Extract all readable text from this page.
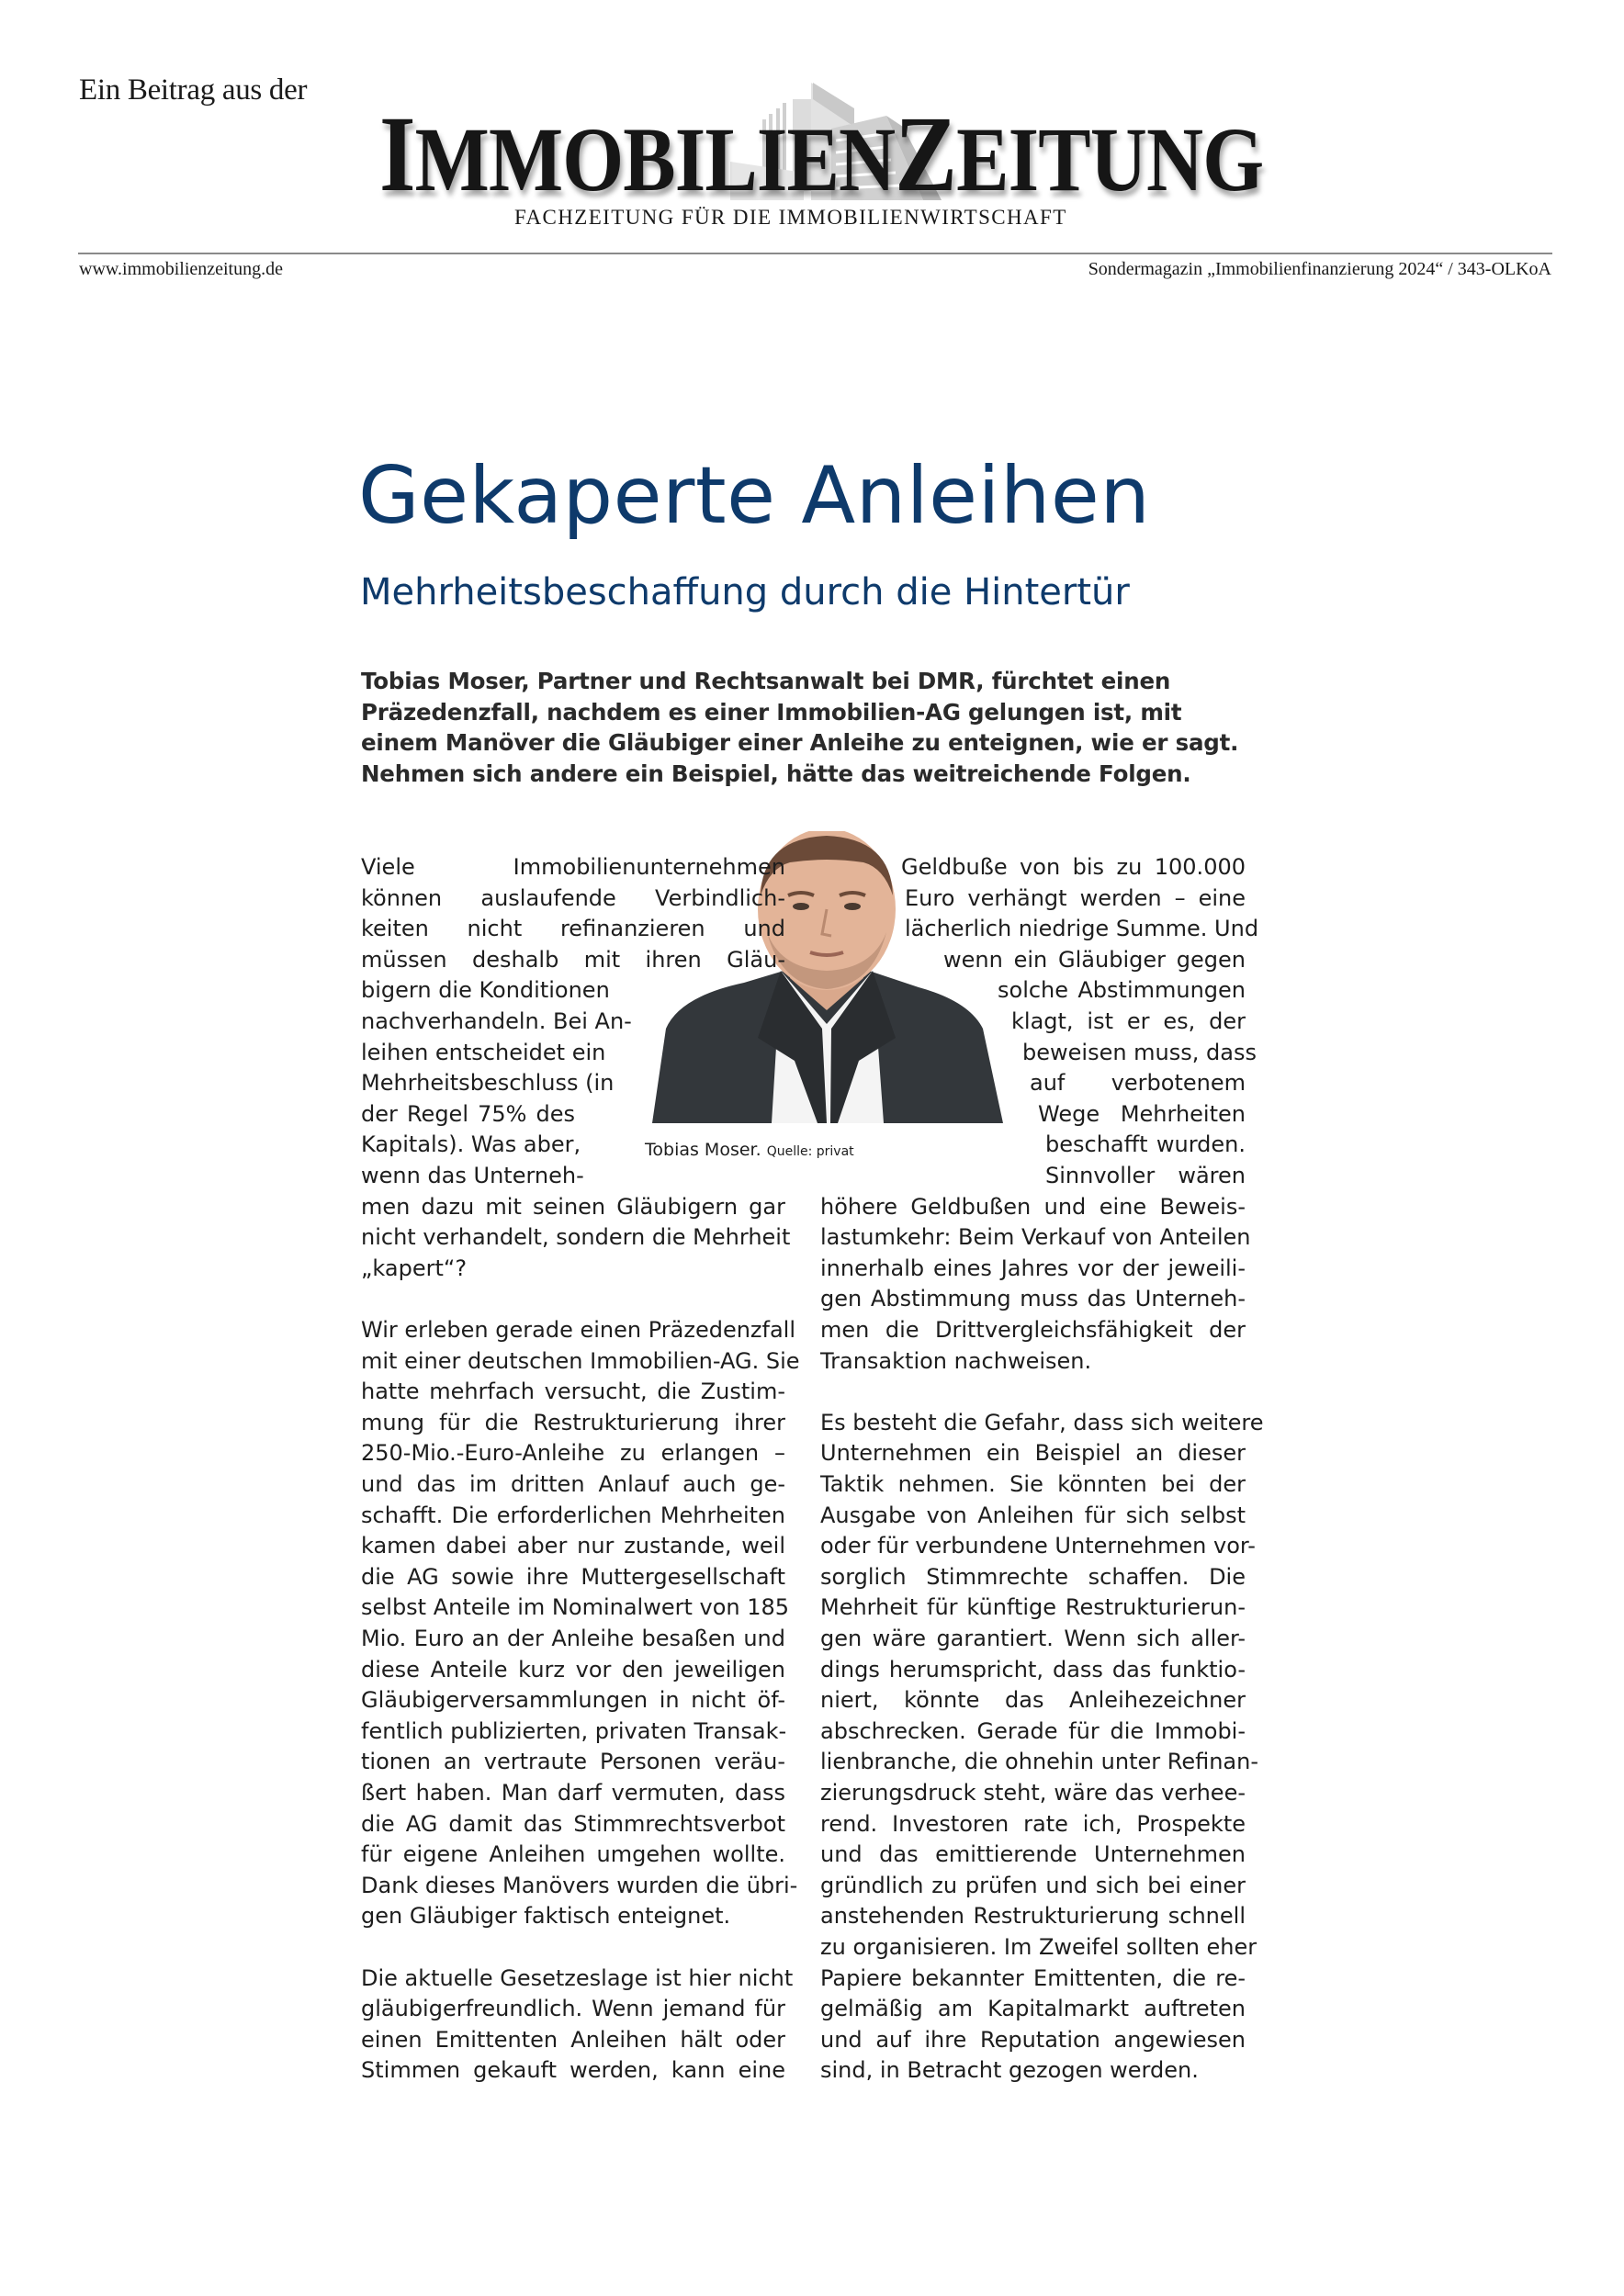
Ein Beitrag aus der
IMMOBILIENZEITUNG
FACHZEITUNG FÜR DIE IMMOBILIENWIRTSCHAFT
www.immobilienzeitung.de	Sondermagazin „Immobilienfinanzierung 2024“ / 343-OLKoA
Gekaperte Anleihen
Mehrheitsbeschaffung durch die Hintertür
Tobias Moser, Partner und Rechtsanwalt bei DMR, fürchtet einen
Präzedenzfall, nachdem es einer Immobilien-AG gelungen ist, mit
einem Manöver die Gläubiger einer Anleihe zu enteignen, wie er sagt.
Nehmen sich andere ein Beispiel, hätte das weitreichende Folgen.
Tobias Moser. Quelle: privat
Viele Immobilienunternehmen
können auslaufende Verbindlich-
keiten nicht refinanzieren und
müssen deshalb mit ihren Gläu-
bigern die Konditionen
nachverhandeln. Bei An-
leihen entscheidet ein
Mehrheitsbeschluss (in
der Regel 75% des
Kapitals). Was aber,
wenn das Unterneh-
men dazu mit seinen Gläubigern gar
nicht verhandelt, sondern die Mehrheit
„kapert“?
Wir erleben gerade einen Präzedenzfall
mit einer deutschen Immobilien-AG. Sie
hatte mehrfach versucht, die Zustim-
mung für die Restrukturierung ihrer
250-Mio.-Euro-Anleihe zu erlangen –
und das im dritten Anlauf auch ge-
schafft. Die erforderlichen Mehrheiten
kamen dabei aber nur zustande, weil
die AG sowie ihre Muttergesellschaft
selbst Anteile im Nominalwert von 185
Mio. Euro an der Anleihe besaßen und
diese Anteile kurz vor den jeweiligen
Gläubigerversammlungen in nicht öf-
fentlich publizierten, privaten Transak-
tionen an vertraute Personen veräu-
ßert haben. Man darf vermuten, dass
die AG damit das Stimmrechtsverbot
für eigene Anleihen umgehen wollte.
Dank dieses Manövers wurden die übri-
gen Gläubiger faktisch enteignet.
Die aktuelle Gesetzeslage ist hier nicht
gläubigerfreundlich. Wenn jemand für
einen Emittenten Anleihen hält oder
Stimmen gekauft werden, kann eine
Geldbuße von bis zu 100.000
Euro verhängt werden – eine
lächerlich niedrige Summe. Und
wenn ein Gläubiger gegen
solche Abstimmungen
klagt, ist er es, der
beweisen muss, dass
auf verbotenem
Wege Mehrheiten
beschafft wurden.
Sinnvoller wären
höhere Geldbußen und eine Beweis-
lastumkehr: Beim Verkauf von Anteilen
innerhalb eines Jahres vor der jeweili-
gen Abstimmung muss das Unterneh-
men die Drittvergleichsfähigkeit der
Transaktion nachweisen.
Es besteht die Gefahr, dass sich weitere
Unternehmen ein Beispiel an dieser
Taktik nehmen. Sie könnten bei der
Ausgabe von Anleihen für sich selbst
oder für verbundene Unternehmen vor-
sorglich Stimmrechte schaffen. Die
Mehrheit für künftige Restrukturierun-
gen wäre garantiert. Wenn sich aller-
dings herumspricht, dass das funktio-
niert, könnte das Anleihezeichner
abschrecken. Gerade für die Immobi-
lienbranche, die ohnehin unter Refinan-
zierungsdruck steht, wäre das verhee-
rend. Investoren rate ich, Prospekte
und das emittierende Unternehmen
gründlich zu prüfen und sich bei einer
anstehenden Restrukturierung schnell
zu organisieren. Im Zweifel sollten eher
Papiere bekannter Emittenten, die re-
gelmäßig am Kapitalmarkt auftreten
und auf ihre Reputation angewiesen
sind, in Betracht gezogen werden.
